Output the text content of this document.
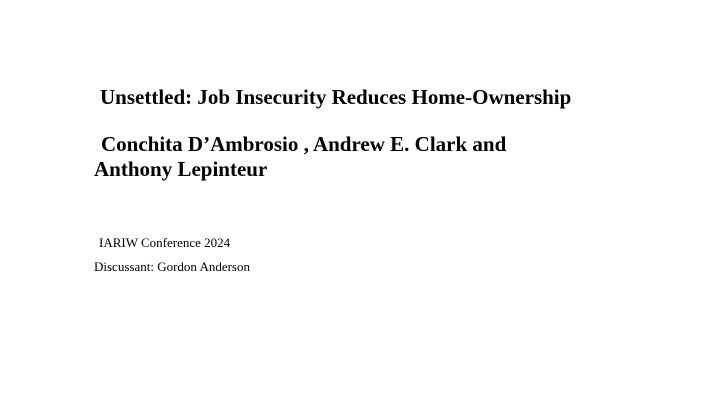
Unsettled: Job Insecurity Reduces Home-Ownership
Conchita D’Ambrosio , Andrew E. Clark and
Anthony Lepinteur
IARIW Conference 2024
Discussant: Gordon Anderson
